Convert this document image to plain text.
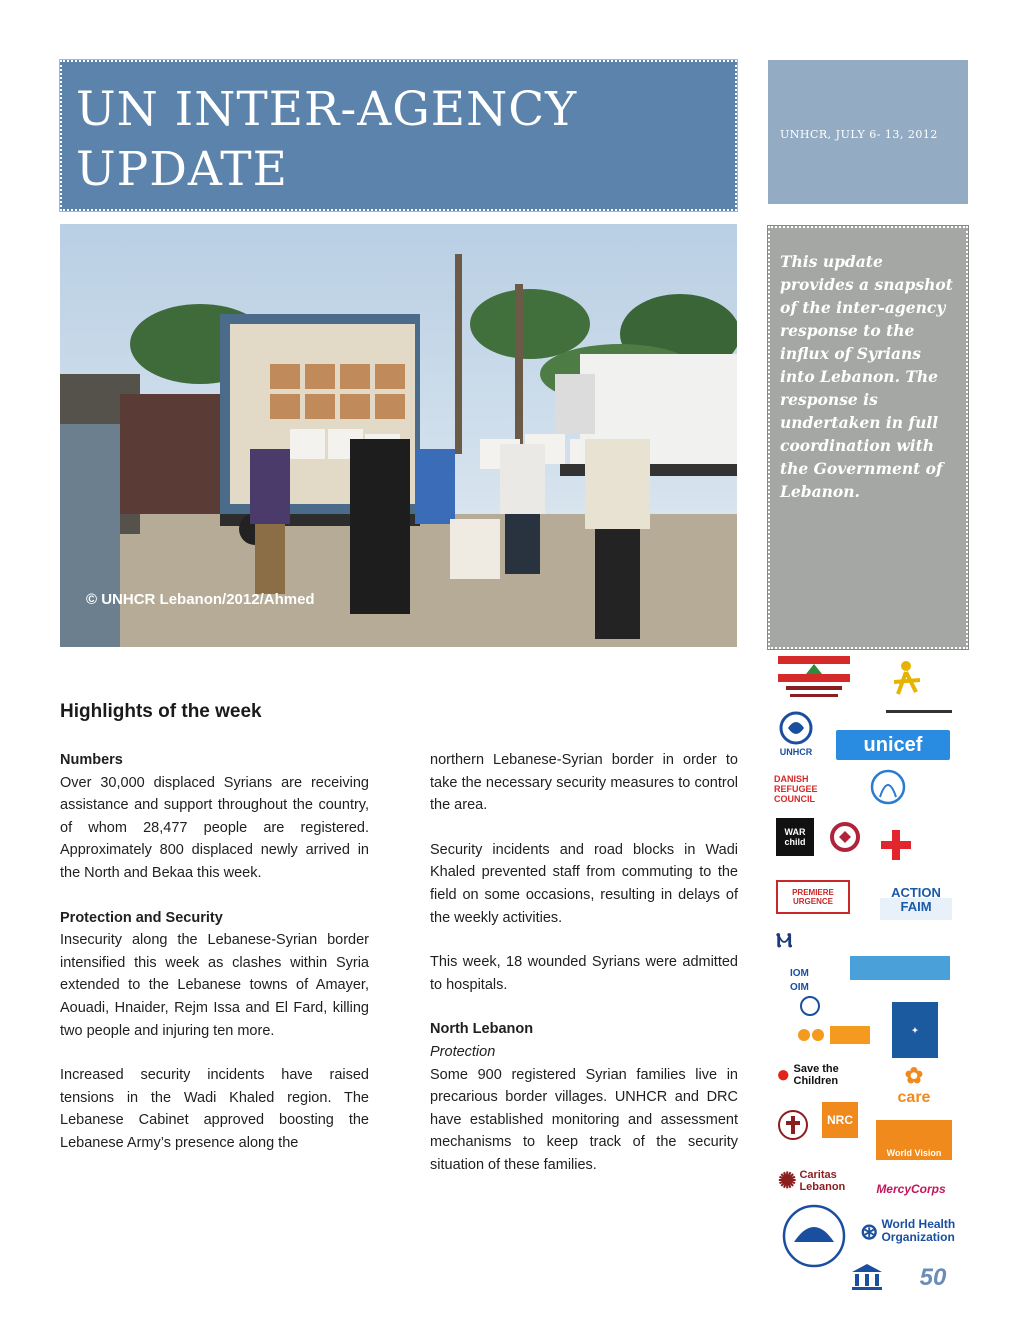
UN INTER-AGENCY
UPDATE
UNHCR, JULY 6- 13, 2012
© UNHCR Lebanon/2012/Ahmed
This update provides a snapshot of the inter-agency response to the influx of Syrians into Lebanon. The response is undertaken in full coordination with the Government of Lebanon.
Highlights of the week

Numbers

Over 30,000 displaced Syrians are receiving assistance and support throughout the country, of whom 28,477 people are registered. Approximately 800 displaced newly arrived in the North and Bekaa this week.

Protection and Security

Insecurity along the Lebanese-Syrian border intensified this week as clashes within Syria extended to the Lebanese towns of Amayer, Aouadi, Hnaider, Rejm Issa and El Fard, killing two people and injuring ten more.

Increased security incidents have raised tensions in the Wadi Khaled region. The Lebanese Cabinet approved boosting the Lebanese Army’s presence along the

northern Lebanese-Syrian border in order to take the necessary security measures to control the area.

Security incidents and road blocks in Wadi Khaled prevented staff from commuting to the field on some occasions, resulting in delays of the weekly activities.

This week, 18 wounded Syrians were admitted to hospitals.

North Lebanon

Protection

Some 900 registered Syrian families live in precarious border villages. UNHCR and DRC have established monitoring and assessment mechanisms to keep track of the security situation of these families.

UNHCR	unicef
DANISH REFUGEE COUNCIL
WAR child
PREMIERE URGENCE
ACTION FAIM
Ⲙ
IOM OIM
✦
● Save the Children	✿
care
NRC
World Vision
✺ Caritas Lebanon	MercyCorps
⊛ World Health Organization
50
